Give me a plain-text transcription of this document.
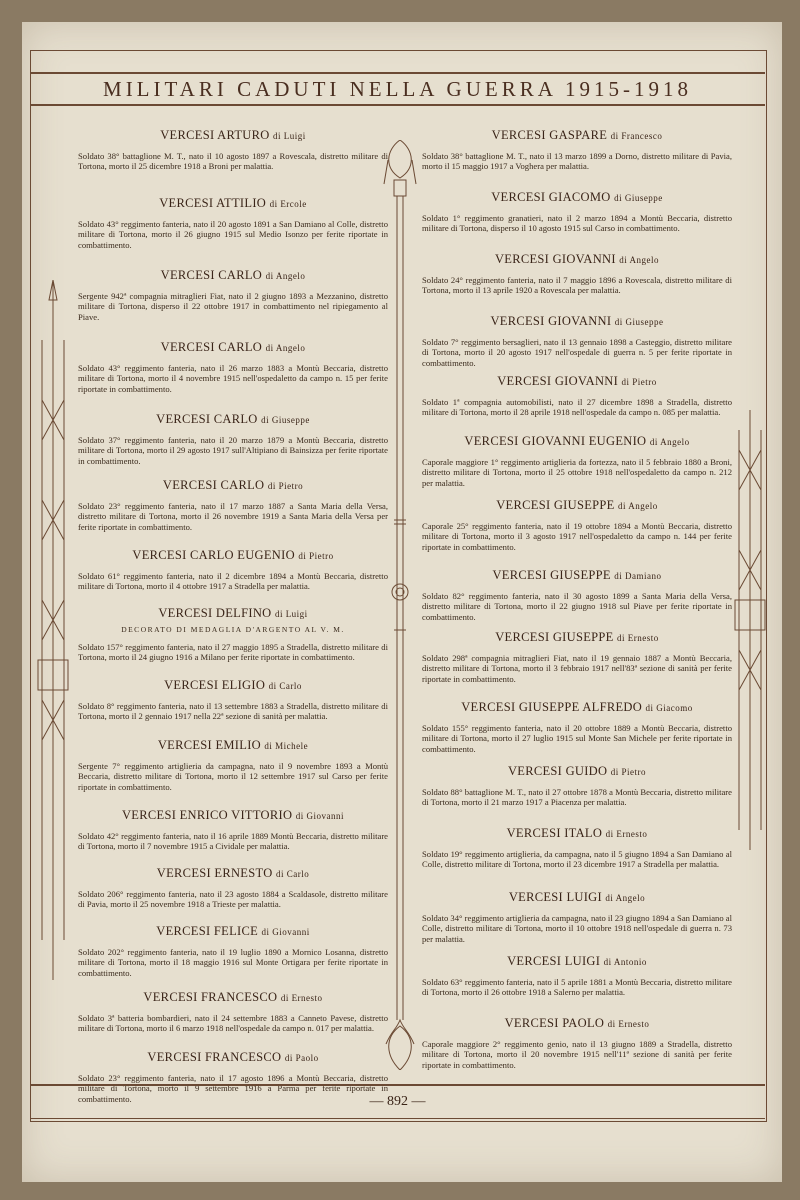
MILITARI CADUTI NELLA GUERRA 1915-1918
VERCESI ARTURO di Luigi
Soldato 38° battaglione M. T., nato il 10 agosto 1897 a Rovescala, distretto militare di Tortona, morto il 25 dicembre 1918 a Broni per malattia.
VERCESI ATTILIO di Ercole
Soldato 43° reggimento fanteria, nato il 20 agosto 1891 a San Damiano al Colle, distretto militare di Tortona, morto il 26 giugno 1915 sul Medio Isonzo per ferite riportate in combattimento.
VERCESI CARLO di Angelo
Sergente 942ª compagnia mitraglieri Fiat, nato il 2 giugno 1893 a Mezzanino, distretto militare di Tortona, disperso il 22 ottobre 1917 in combattimento nel ripiegamento al Piave.
VERCESI CARLO di Angelo
Soldato 43° reggimento fanteria, nato il 26 marzo 1883 a Montù Beccaria, distretto militare di Tortona, morto il 4 novembre 1915 nell'ospedaletto da campo n. 15 per ferite riportate in combattimento.
VERCESI CARLO di Giuseppe
Soldato 37° reggimento fanteria, nato il 20 marzo 1879 a Montù Beccaria, distretto militare di Tortona, morto il 29 agosto 1917 sull'Altipiano di Bainsizza per ferite riportate in combattimento.
VERCESI CARLO di Pietro
Soldato 23° reggimento fanteria, nato il 17 marzo 1887 a Santa Maria della Versa, distretto militare di Tortona, morto il 26 novembre 1919 a Santa Maria della Versa per ferite riportate in combattimento.
VERCESI CARLO EUGENIO di Pietro
Soldato 61° reggimento fanteria, nato il 2 dicembre 1894 a Montù Beccaria, distretto militare di Tortona, morto il 4 ottobre 1917 a Stradella per malattia.
VERCESI DELFINO di Luigi
DECORATO DI MEDAGLIA D'ARGENTO AL V. M.
Soldato 157° reggimento fanteria, nato il 27 maggio 1895 a Stradella, distretto militare di Tortona, morto il 24 giugno 1916 a Milano per ferite riportate in combattimento.
VERCESI ELIGIO di Carlo
Soldato 8° reggimento fanteria, nato il 13 settembre 1883 a Stradella, distretto militare di Tortona, morto il 2 gennaio 1917 nella 22ª sezione di sanità per malattia.
VERCESI EMILIO di Michele
Sergente 7° reggimento artiglieria da campagna, nato il 9 novembre 1893 a Montù Beccaria, distretto militare di Tortona, morto il 12 settembre 1917 sul Carso per ferite riportate in combattimento.
VERCESI ENRICO VITTORIO di Giovanni
Soldato 42° reggimento fanteria, nato il 16 aprile 1889 Montù Beccaria, distretto militare di Tortona, morto il 7 novembre 1915 a Cividale per malattia.
VERCESI ERNESTO di Carlo
Soldato 206° reggimento fanteria, nato il 23 agosto 1884 a Scaldasole, distretto militare di Pavia, morto il 25 novembre 1918 a Trieste per malattia.
VERCESI FELICE di Giovanni
Soldato 202° reggimento fanteria, nato il 19 luglio 1890 a Mornico Losanna, distretto militare di Tortona, morto il 18 maggio 1916 sul Monte Ortigara per ferite riportate in combattimento.
VERCESI FRANCESCO di Ernesto
Soldato 3ª batteria bombardieri, nato il 24 settembre 1883 a Canneto Pavese, distretto militare di Tortona, morto il 6 marzo 1918 nell'ospedale da campo n. 017 per malattia.
VERCESI FRANCESCO di Paolo
Soldato 23° reggimento fanteria, nato il 17 agosto 1896 a Montù Beccaria, distretto militare di Tortona, morto il 9 settembre 1916 a Parma per ferite riportate in combattimento.
VERCESI GASPARE di Francesco
Soldato 38° battaglione M. T., nato il 13 marzo 1899 a Dorno, distretto militare di Pavia, morto il 15 maggio 1917 a Voghera per malattia.
VERCESI GIACOMO di Giuseppe
Soldato 1° reggimento granatieri, nato il 2 marzo 1894 a Montù Beccaria, distretto militare di Tortona, disperso il 10 agosto 1915 sul Carso in combattimento.
VERCESI GIOVANNI di Angelo
Soldato 24° reggimento fanteria, nato il 7 maggio 1896 a Rovescala, distretto militare di Tortona, morto il 13 aprile 1920 a Rovescala per malattia.
VERCESI GIOVANNI di Giuseppe
Soldato 7° reggimento bersaglieri, nato il 13 gennaio 1898 a Casteggio, distretto militare di Tortona, morto il 20 agosto 1917 nell'ospedale di guerra n. 5 per ferite riportate in combattimento.
VERCESI GIOVANNI di Pietro
Soldato 1ª compagnia automobilisti, nato il 27 dicembre 1898 a Stradella, distretto militare di Tortona, morto il 28 aprile 1918 nell'ospedale da campo n. 085 per malattia.
VERCESI GIOVANNI EUGENIO di Angelo
Caporale maggiore 1° reggimento artiglieria da fortezza, nato il 5 febbraio 1880 a Broni, distretto militare di Tortona, morto il 25 ottobre 1918 nell'ospedaletto da campo n. 212 per malattia.
VERCESI GIUSEPPE di Angelo
Caporale 25° reggimento fanteria, nato il 19 ottobre 1894 a Montù Beccaria, distretto militare di Tortona, morto il 3 agosto 1917 nell'ospedaletto da campo n. 144 per ferite riportate in combattimento.
VERCESI GIUSEPPE di Damiano
Soldato 82° reggimento fanteria, nato il 30 agosto 1899 a Santa Maria della Versa, distretto militare di Tortona, morto il 22 giugno 1918 sul Piave per ferite riportate in combattimento.
VERCESI GIUSEPPE di Ernesto
Soldato 298ª compagnia mitraglieri Fiat, nato il 19 gennaio 1887 a Montù Beccaria, distretto militare di Tortona, morto il 3 febbraio 1917 nell'83ª sezione di sanità per ferite riportate in combattimento.
VERCESI GIUSEPPE ALFREDO di Giacomo
Soldato 155° reggimento fanteria, nato il 20 ottobre 1889 a Montù Beccaria, distretto militare di Tortona, morto il 27 luglio 1915 sul Monte San Michele per ferite riportate in combattimento.
VERCESI GUIDO di Pietro
Soldato 88° battaglione M. T., nato il 27 ottobre 1878 a Montù Beccaria, distretto militare di Tortona, morto il 21 marzo 1917 a Piacenza per malattia.
VERCESI ITALO di Ernesto
Soldato 19° reggimento artiglieria, da campagna, nato il 5 giugno 1894 a San Damiano al Colle, distretto militare di Tortona, morto il 23 dicembre 1917 a Stradella per malattia.
VERCESI LUIGI di Angelo
Soldato 34° reggimento artiglieria da campagna, nato il 23 giugno 1894 a San Damiano al Colle, distretto militare di Tortona, morto il 10 ottobre 1918 nell'ospedale di guerra n. 73 per malattia.
VERCESI LUIGI di Antonio
Soldato 63° reggimento fanteria, nato il 5 aprile 1881 a Montù Beccaria, distretto militare di Tortona, morto il 26 ottobre 1918 a Salerno per malattia.
VERCESI PAOLO di Ernesto
Caporale maggiore 2° reggimento genio, nato il 13 giugno 1889 a Stradella, distretto militare di Tortona, morto il 20 novembre 1915 nell'11ª sezione di sanità per ferite riportate in combattimento.
— 892 —
